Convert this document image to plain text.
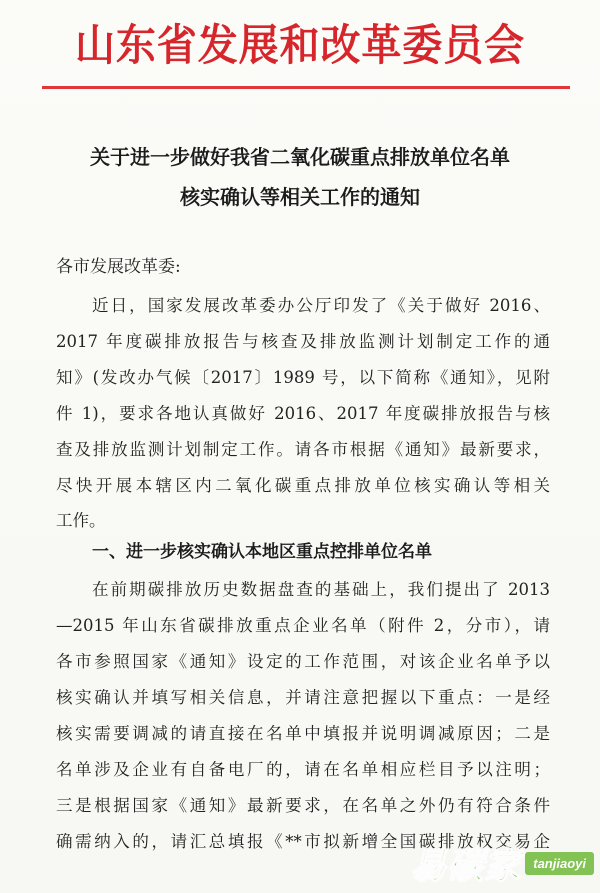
山东省发展和改革委员会
关于进一步做好我省二氧化碳重点排放单位名单
核实确认等相关工作的通知
各市发展改革委:
近日，国家发展改革委办公厅印发了《关于做好 2016、
2017 年度碳排放报告与核查及排放监测计划制定工作的通
知》(发改办气候〔2017〕1989 号，以下简称《通知》，见附
件 1)，要求各地认真做好 2016、2017 年度碳排放报告与核
查及排放监测计划制定工作。请各市根据《通知》最新要求，
尽快开展本辖区内二氧化碳重点排放单位核实确认等相关
工作。
一、进一步核实确认本地区重点控排单位名单
在前期碳排放历史数据盘查的基础上，我们提出了 2013
—2015 年山东省碳排放重点企业名单（附件 2，分市），请
各市参照国家《通知》设定的工作范围，对该企业名单予以
核实确认并填写相关信息，并请注意把握以下重点：一是经
核实需要调减的请直接在名单中填报并说明调减原因；二是
名单涉及企业有自备电厂的，请在名单相应栏目予以注明；
三是根据国家《通知》最新要求，在名单之外仍有符合条件
确需纳入的，请汇总填报《**市拟新增全国碳排放权交易企
易碳家 tanjiaoyi
